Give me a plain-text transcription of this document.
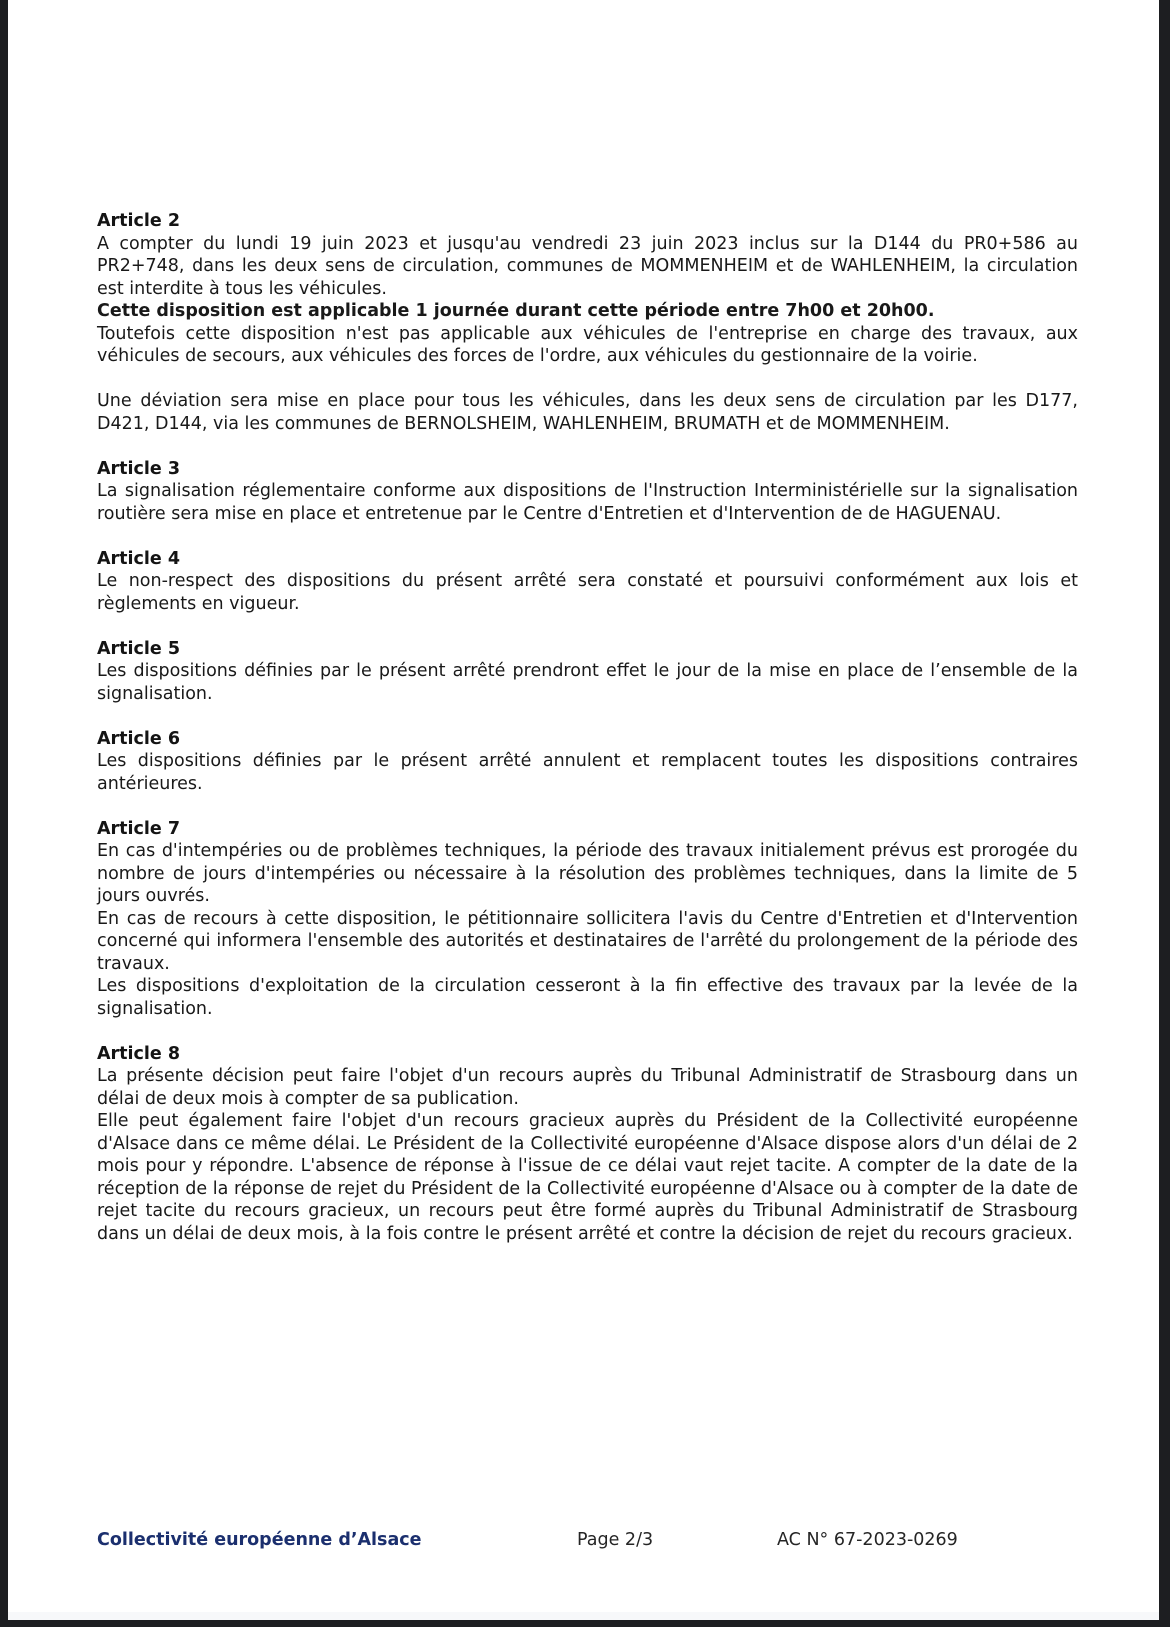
Article 2

A compter du lundi 19 juin 2023 et jusqu'au vendredi 23 juin 2023 inclus sur la D144 du PR0+586 au PR2+748, dans les deux sens de circulation, communes de MOMMENHEIM et de WAHLENHEIM, la circulation est interdite à tous les véhicules.

Cette disposition est applicable 1 journée durant cette période entre 7h00 et 20h00.

Toutefois cette disposition n'est pas applicable aux véhicules de l'entreprise en charge des travaux, aux véhicules de secours, aux véhicules des forces de l'ordre, aux véhicules du gestionnaire de la voirie.

Une déviation sera mise en place pour tous les véhicules, dans les deux sens de circulation par les D177, D421, D144, via les communes de BERNOLSHEIM, WAHLENHEIM, BRUMATH et de MOMMENHEIM.

Article 3

La signalisation réglementaire conforme aux dispositions de l'Instruction Interministérielle sur la signalisation routière sera mise en place et entretenue par le Centre d'Entretien et d'Intervention de de HAGUENAU.

Article 4

Le non-respect des dispositions du présent arrêté sera constaté et poursuivi conformément aux lois et règlements en vigueur.

Article 5

Les dispositions définies par le présent arrêté prendront effet le jour de la mise en place de l’ensemble de la signalisation.

Article 6

Les dispositions définies par le présent arrêté annulent et remplacent toutes les dispositions contraires antérieures.

Article 7

En cas d'intempéries ou de problèmes techniques, la période des travaux initialement prévus est prorogée du nombre de jours d'intempéries ou nécessaire à la résolution des problèmes techniques, dans la limite de 5 jours ouvrés.

En cas de recours à cette disposition, le pétitionnaire sollicitera l'avis du Centre d'Entretien et d'Intervention concerné qui informera l'ensemble des autorités et destinataires de l'arrêté du prolongement de la période des travaux.

Les dispositions d'exploitation de la circulation cesseront à la fin effective des travaux par la levée de la signalisation.

Article 8

La présente décision peut faire l'objet d'un recours auprès du Tribunal Administratif de Strasbourg dans un délai de deux mois à compter de sa publication.

Elle peut également faire l'objet d'un recours gracieux auprès du Président de la Collectivité européenne d'Alsace dans ce même délai. Le Président de la Collectivité européenne d'Alsace dispose alors d'un délai de 2 mois pour y répondre. L'absence de réponse à l'issue de ce délai vaut rejet tacite. A compter de la date de la réception de la réponse de rejet du Président de la Collectivité européenne d'Alsace ou à compter de la date de rejet tacite du recours gracieux, un recours peut être formé auprès du Tribunal Administratif de Strasbourg dans un délai de deux mois, à la fois contre le présent arrêté et contre la décision de rejet du recours gracieux.

Collectivité européenne d’Alsace	Page 2/3	AC N° 67-2023-0269
